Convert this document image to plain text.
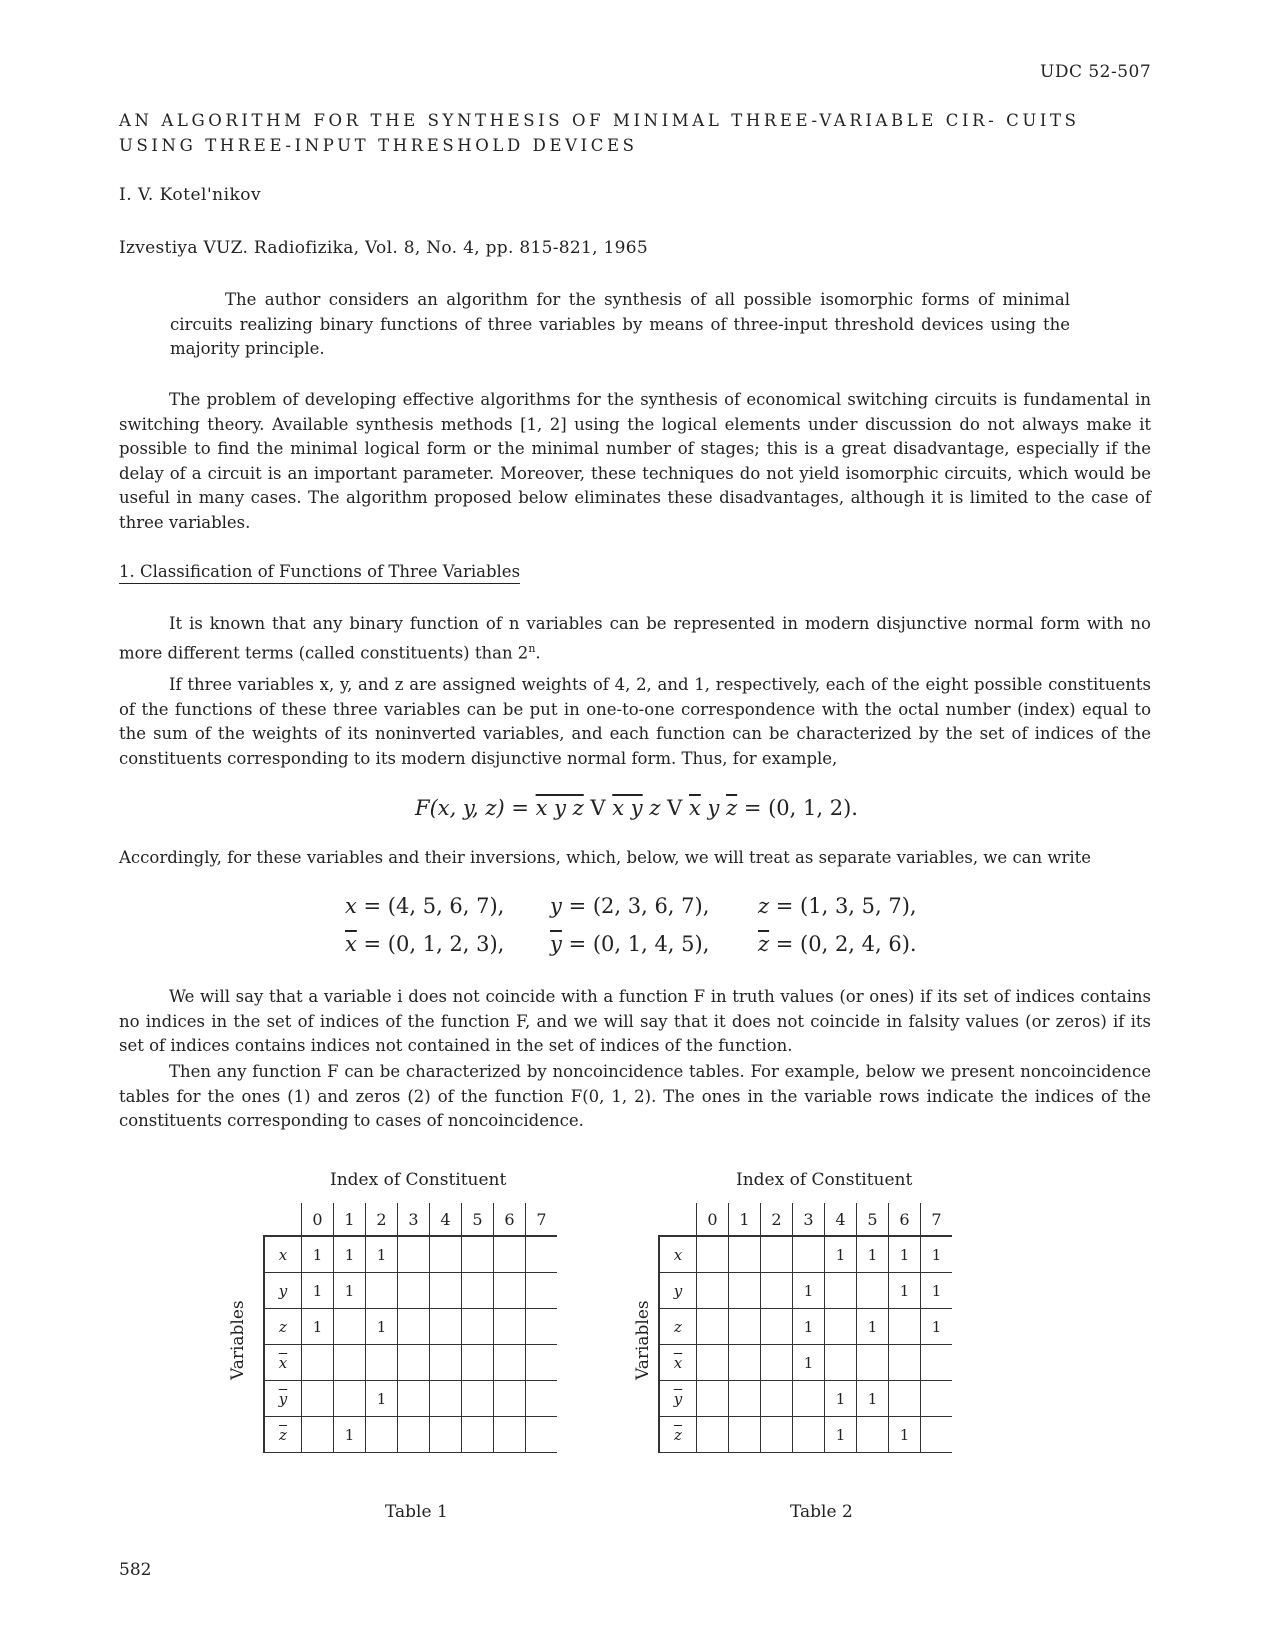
UDC 52-507
AN ALGORITHM FOR THE SYNTHESIS OF MINIMAL THREE-VARIABLE CIR- CUITS USING THREE-INPUT THRESHOLD DEVICES
I. V. Kotel'nikov
Izvestiya VUZ. Radiofizika, Vol. 8, No. 4, pp. 815-821, 1965
The author considers an algorithm for the synthesis of all possible isomorphic forms of minimal circuits realizing binary functions of three variables by means of three-input threshold devices using the majority principle.
The problem of developing effective algorithms for the synthesis of economical switching circuits is fundamental in switching theory. Available synthesis methods [1, 2] using the logical elements under discussion do not always make it possible to find the minimal logical form or the minimal number of stages; this is a great disadvantage, especially if the delay of a circuit is an important parameter. Moreover, these techniques do not yield isomorphic circuits, which would be useful in many cases. The algorithm proposed below eliminates these disadvantages, although it is limited to the case of three variables.
1. Classification of Functions of Three Variables
It is known that any binary function of n variables can be represented in modern disjunctive normal form with no more different terms (called constituents) than 2$^n$.
If three variables x, y, and z are assigned weights of 4, 2, and 1, respectively, each of the eight possible constituents of the functions of these three variables can be put in one-to-one correspondence with the octal number (index) equal to the sum of the weights of its noninverted variables, and each function can be characterized by the set of indices of the constituents corresponding to its modern disjunctive normal form. Thus, for example,
F(x, y, z) = x y z V x y z V $\overline{x}$ y $\overline{z} = (0$, 1, 2).
Accordingly, for these variables and their inversions, which, below, we will treat as separate variables, we can write
x = (4, 5, 6, 7), y = (2, 3, 6, 7), z = (1, 3, 5, 7),
$\overline{x} = (0$, 1, 2, 3), $\overline{y} = (0$, 1, 4, 5), $\overline{z} = (0$, 2, 4, 6).
We will say that a variable i does not coincide with a function F in truth values (or ones) if its set of indices contains no indices in the set of indices of the function F, and we will say that it does not coincide in falsity values (or zeros) if its set of indices contains indices not contained in the set of indices of the function.
Then any function F can be characterized by noncoincidence tables. For example, below we present noncoincidence tables for the ones (1) and zeros (2) of the function F(0, 1, 2). The ones in the variable rows indicate the indices of the constituents corresponding to cases of noncoincidence.
Index of Constituent
Variables
	0	1	2	3	4	5	6	7
x	1	1	1					
y	1	1						
z	1		1					
$\overline{x}$								
$\overline{y}$			1					
$\overline{z}$		1						
Table 1
Index of Constituent
Variables
	0	1	2	3	4	5	6	7
x					1	1	1	1
y				1			1	1
z				1		1		1
$\overline{x}$				1				
$\overline{y}$					1	1		
$\overline{z}$					1		1	
Table 2
582
